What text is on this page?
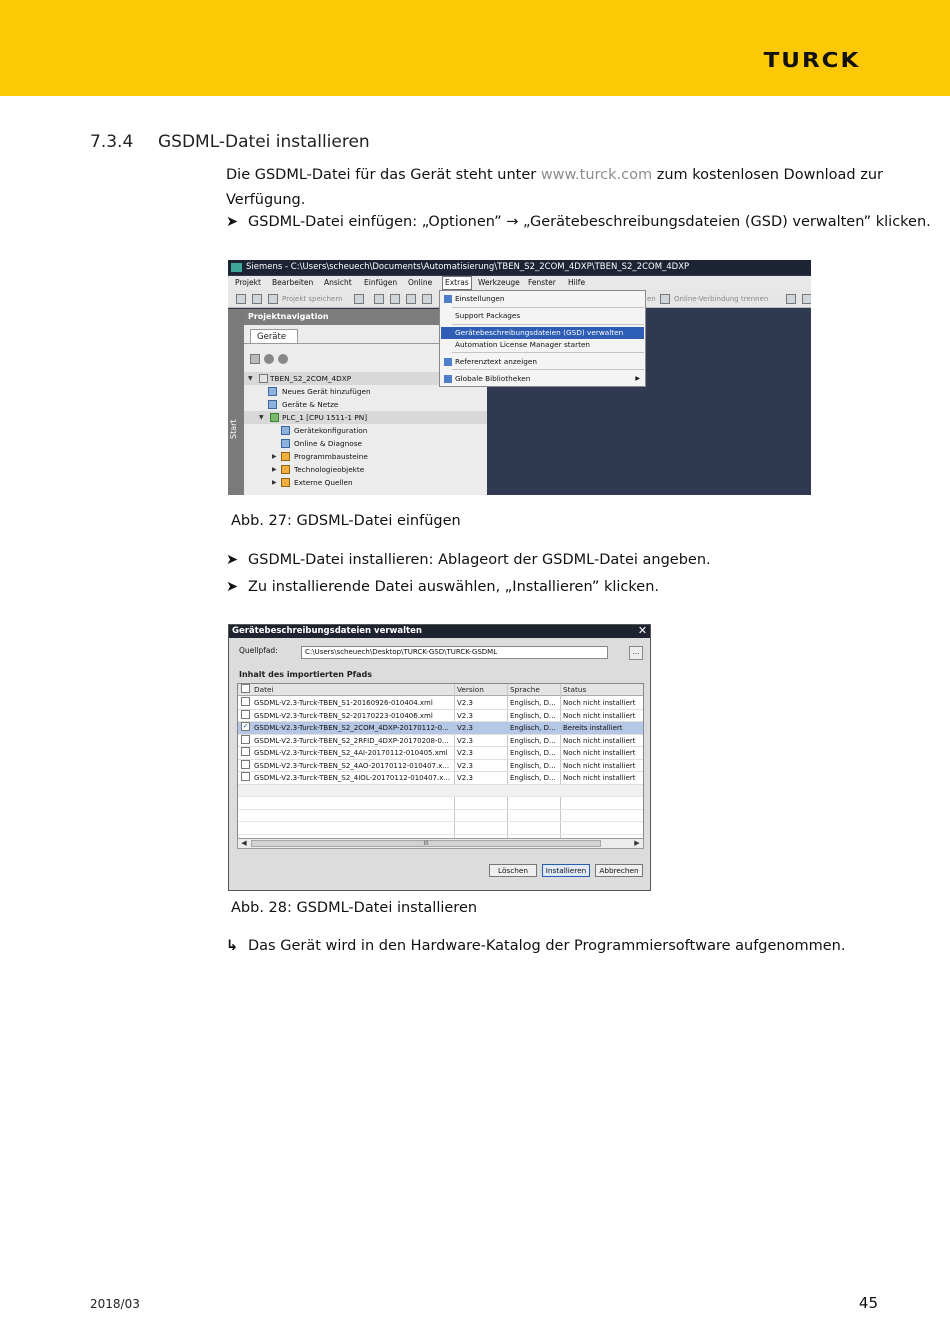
TURCK
7.3.4 GSDML-Datei installieren
Die GSDML-Datei für das Gerät steht unter www.turck.com zum kostenlosen Download zur
Verfügung.
➤ GSDML-Datei einfügen: „Optionen” → „Gerätebeschreibungsdateien (GSD) verwalten” klicken.
Siemens - C:\Users\scheuech\Documents\Automatisierung\TBEN_S2_2COM_4DXP\TBEN_S2_2COM_4DXP
Projekt Bearbeiten Ansicht Einfügen Online	Extras	Werkzeuge Fenster Hilfe
Projekt speichern	en	Online-Verbindung trennen
Start
Projektnavigation
Geräte
▼ TBEN_S2_2COM_4DXP
Neues Gerät hinzufügen
Geräte & Netze
▼	PLC_1 [CPU 1511-1 PN]
Gerätekonfiguration
Online & Diagnose
▶ Programmbausteine
▶ Technologieobjekte
▶ Externe Quellen
Einstellungen
Support Packages
Gerätebeschreibungsdateien (GSD) verwalten
Automation License Manager starten
Referenztext anzeigen
Globale Bibliotheken	▶
Abb. 27: GDSML-Datei einfügen
➤ GSDML-Datei installieren: Ablageort der GSDML-Datei angeben.
➤ Zu installierende Datei auswählen, „Installieren” klicken.
Gerätebeschreibungsdateien verwalten	✕
Quellpfad:	C:\Users\scheuech\Desktop\TURCK-GSD\TURCK-GSDML	...
Inhalt des importierten Pfads
Datei	Version	Sprache	Status
GSDML-V2.3-Turck-TBEN_S1-20160926-010404.xml	V2.3	Englisch, D... Noch nicht installiert
GSDML-V2.3-Turck-TBEN_S2-20170223-010406.xml	V2.3	Englisch, D... Noch nicht installiert
✓ GSDML-V2.3-Turck-TBEN_S2_2COM_4DXP-20170112-0...	V2.3	Englisch, D... Bereits installiert
GSDML-V2.3-Turck-TBEN_S2_2RFID_4DXP-20170208-0...	V2.3	Englisch, D... Noch nicht installiert
GSDML-V2.3-Turck-TBEN_S2_4AI-20170112-010405.xml	V2.3	Englisch, D... Noch nicht installiert
GSDML-V2.3-Turck-TBEN_S2_4AO-20170112-010407.x...	V2.3	Englisch, D... Noch nicht installiert
GSDML-V2.3-Turck-TBEN_S2_4IOL-20170112-010407.x... V2.3	Englisch, D... Noch nicht installiert
◀	III	▶
Löschen	Installieren	Abbrechen
Abb. 28: GSDML-Datei installieren
↳ Das Gerät wird in den Hardware-Katalog der Programmiersoftware aufgenommen.
2018/03	45
